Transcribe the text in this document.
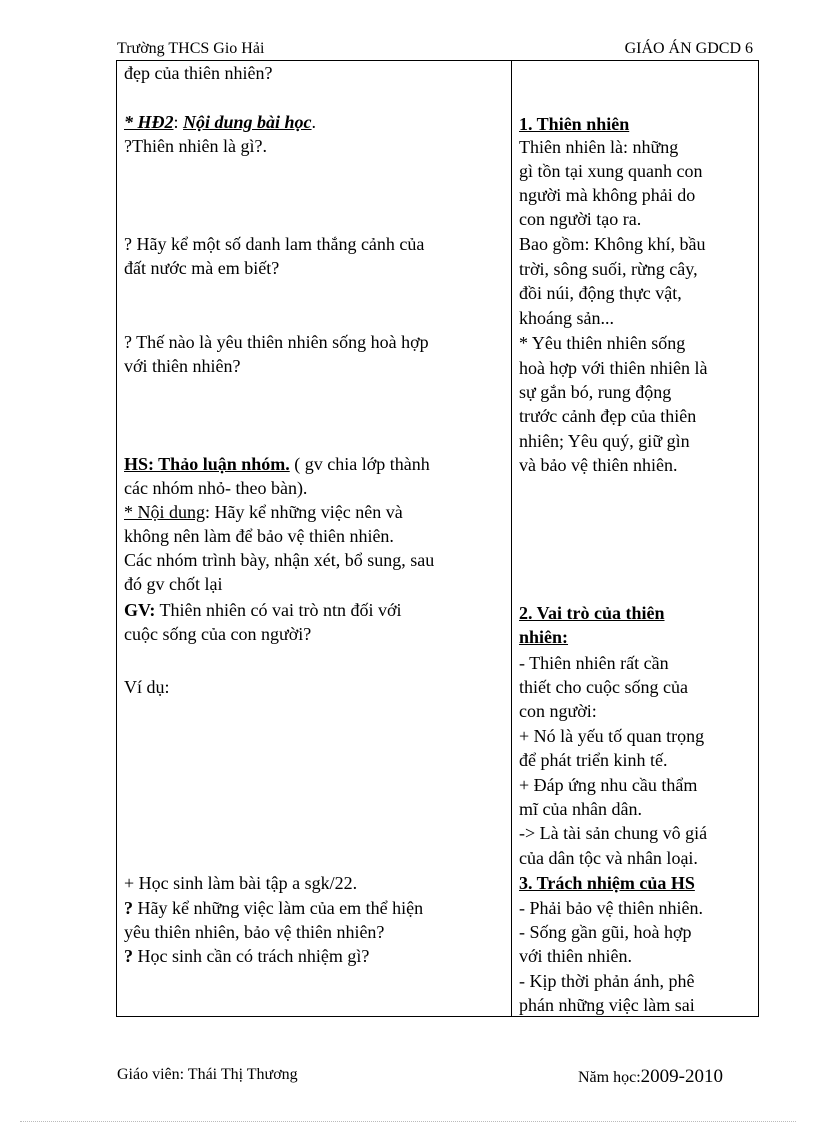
Trường THCS Gio Hải	GIÁO ÁN GDCD 6
đẹp của thiên nhiên?
* HĐ2: Nội dung bài học.
?Thiên nhiên là gì?.
? Hãy kể một số danh lam thắng cảnh của
đất nước mà em biết?
? Thế nào là yêu thiên nhiên sống hoà hợp
với thiên nhiên?
HS: Thảo luận nhóm. ( gv chia lớp thành
các nhóm nhỏ- theo bàn).
* Nội dung: Hãy kể những việc nên và
không nên làm để bảo vệ thiên nhiên.
Các nhóm trình bày, nhận xét, bổ sung, sau
đó gv chốt lại
GV: Thiên nhiên có vai trò ntn đối với
cuộc sống của con người?
Ví dụ:
+ Học sinh làm bài tập a sgk/22.
? Hãy kể những việc làm của em thể hiện
yêu thiên nhiên, bảo vệ thiên nhiên?
? Học sinh cần có trách nhiệm gì?
1. Thiên nhiên
Thiên nhiên là: những
gì tồn tại xung quanh con
người mà không phải do
con người tạo ra.
Bao gồm: Không khí, bầu
trời, sông suối, rừng cây,
đồi núi, động thực vật,
khoáng sản...
* Yêu thiên nhiên sống
hoà hợp với thiên nhiên là
sự gắn bó, rung động
trước cảnh đẹp của thiên
nhiên; Yêu quý, giữ gìn
và bảo vệ thiên nhiên.
2. Vai trò của thiên
nhiên:
- Thiên nhiên rất cần
thiết cho cuộc sống của
con người:
+ Nó là yếu tố quan trọng
để phát triển kinh tế.
+ Đáp ứng nhu cầu thẩm
mĩ của nhân dân.
-> Là tài sản chung vô giá
của dân tộc và nhân loại.
3. Trách nhiệm của HS
- Phải bảo vệ thiên nhiên.
- Sống gần gũi, hoà hợp
với thiên nhiên.
- Kịp thời phản ánh, phê
phán những việc làm sai
Giáo viên: Thái Thị Thương	Năm học:2009-2010
